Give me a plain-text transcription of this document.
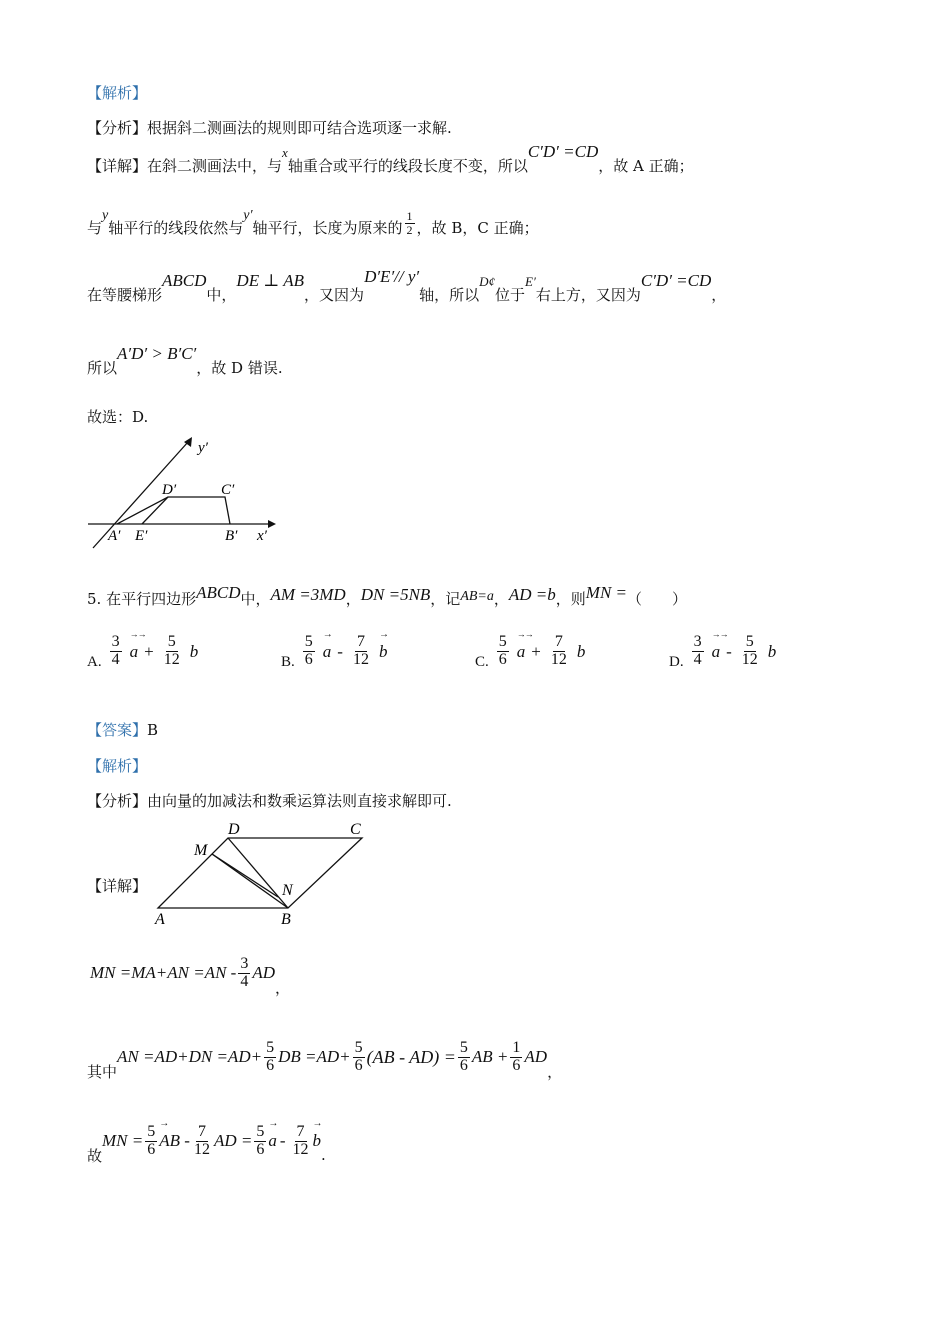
【解析】
【分析】根据斜二测画法的规则即可结合选项逐一求解.
【详解】在斜二测画法中，与x轴重合或平行的线段长度不变，所以C′D′ =CD，故 A 正确；
与y轴平行的线段依然与y′轴平行，长度为原来的 $\frac{1}{2}$ ，故 B，C 正确；
在等腰梯形ABCD中，DE ⊥ AB，又因为D′E′// y′轴，所以D¢位于E′右上方，又因为C′D′ =CD，
所以A′D′ > B′C′，故 D 错误.
故选：D.
y′
D′	C′
A′ E′	B′ x′
5. 在平行四边形ABCD中，AM =3MD，DN =5NB，记AB=a，AD =b，则MN =（　　）
A. $\frac{3}{4}$
→→ $a + \frac{5}{12}$ b
B. $\frac{5}{6}$
→ a - $\frac{7}{12}$
→ b
C. $\frac{5}{6}$
→→ $a + \frac{7}{12}$ b
D. $\frac{3}{4}$
→→ a - $\frac{5}{12}$ b
【答案】B
【解析】
【分析】由向量的加减法和数乘运算法则直接求解即可.
【详解】
D	C
M
N
A	B
MN $=MA+AN =AN - \frac{3}{4}$ AD
，
其中
AN $=AD+DN =AD+ \frac{5}{6}$ DB $=AD+ \frac{5}{6} (AB - AD) = \frac{5}{6}$ AB + $\frac{1}{6}$ AD
，
故
MN = $\frac{5}{6}$
→ AB - $\frac{7}{12}$ AD = $\frac{5}{6}$
→ a - $\frac{7}{12}$
→ b
.
